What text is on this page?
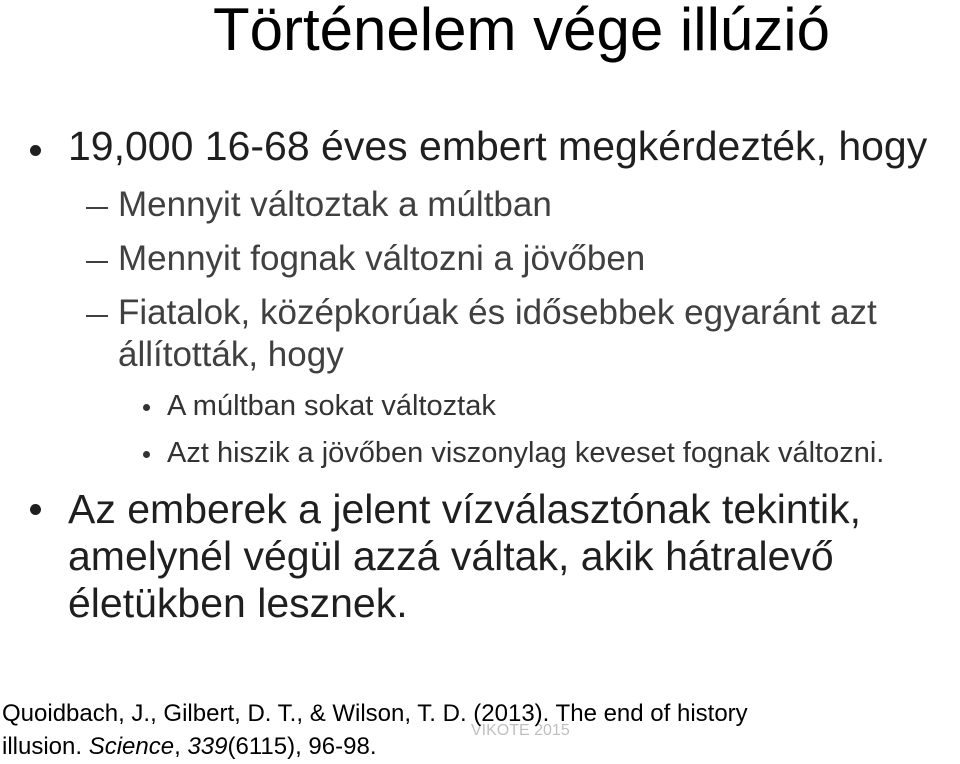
Történelem vége illúzió
19,000 16-68 éves embert megkérdezték, hogy
Mennyit változtak a múltban
Mennyit fognak változni a jövőben
Fiatalok, középkorúak és idősebbek egyaránt azt állították, hogy
A múltban sokat változtak
Azt hiszik a jövőben viszonylag keveset fognak változni.
Az emberek a jelent vízválasztónak tekintik, amelynél végül azzá váltak, akik hátralevő életükben lesznek.
VIKOTE 2015
Quoidbach, J., Gilbert, D. T., & Wilson, T. D. (2013). The end of history illusion. Science, 339(6115), 96-98.
